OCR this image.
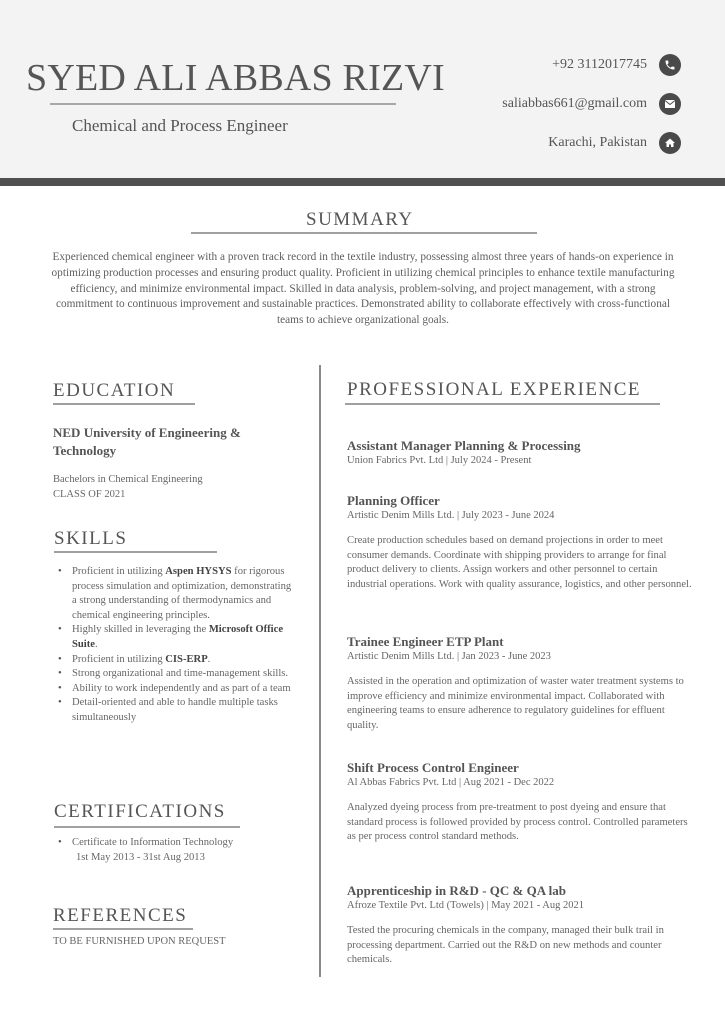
SYED ALI ABBAS RIZVI
Chemical and Process Engineer
+92 3112017745
saliabbas661@gmail.com
Karachi, Pakistan
SUMMARY
Experienced chemical engineer with a proven track record in the textile industry, possessing almost three years of hands-on experience in optimizing production processes and ensuring product quality. Proficient in utilizing chemical principles to enhance textile manufacturing efficiency, and minimize environmental impact. Skilled in data analysis, problem-solving, and project management, with a strong commitment to continuous improvement and sustainable practices. Demonstrated ability to collaborate effectively with cross-functional teams to achieve organizational goals.
EDUCATION
NED University of Engineering & Technology
Bachelors in Chemical Engineering
CLASS OF 2021
SKILLS
• Proficient in utilizing Aspen HYSYS for rigorous process simulation and optimization, demonstrating a strong understanding of thermodynamics and chemical engineering principles.
• Highly skilled in leveraging the Microsoft Office Suite.
• Proficient in utilizing CIS-ERP.
• Strong organizational and time-management skills.
• Ability to work independently and as part of a team
• Detail-oriented and able to handle multiple tasks simultaneously
CERTIFICATIONS
• Certificate to Information Technology
1st May 2013 - 31st Aug 2013
REFERENCES
TO BE FURNISHED UPON REQUEST
PROFESSIONAL EXPERIENCE
Assistant Manager Planning & Processing
Union Fabrics Pvt. Ltd | July 2024 - Present
Planning Officer
Artistic Denim Mills Ltd. | July 2023 - June 2024
Create production schedules based on demand projections in order to meet consumer demands. Coordinate with shipping providers to arrange for final product delivery to clients. Assign workers and other personnel to certain industrial operations. Work with quality assurance, logistics, and other personnel.
Trainee Engineer ETP Plant
Artistic Denim Mills Ltd. | Jan 2023 - June 2023
Assisted in the operation and optimization of waster water treatment systems to improve efficiency and minimize environmental impact. Collaborated with engineering teams to ensure adherence to regulatory guidelines for effluent quality.
Shift Process Control Engineer
Al Abbas Fabrics Pvt. Ltd | Aug 2021 - Dec 2022
Analyzed dyeing process from pre-treatment to post dyeing and ensure that standard process is followed provided by process control. Controlled parameters as per process control standard methods.
Apprenticeship in R&D - QC & QA lab
Afroze Textile Pvt. Ltd (Towels) | May 2021 - Aug 2021
Tested the procuring chemicals in the company, managed their bulk trail in processing department. Carried out the R&D on new methods and counter chemicals.
